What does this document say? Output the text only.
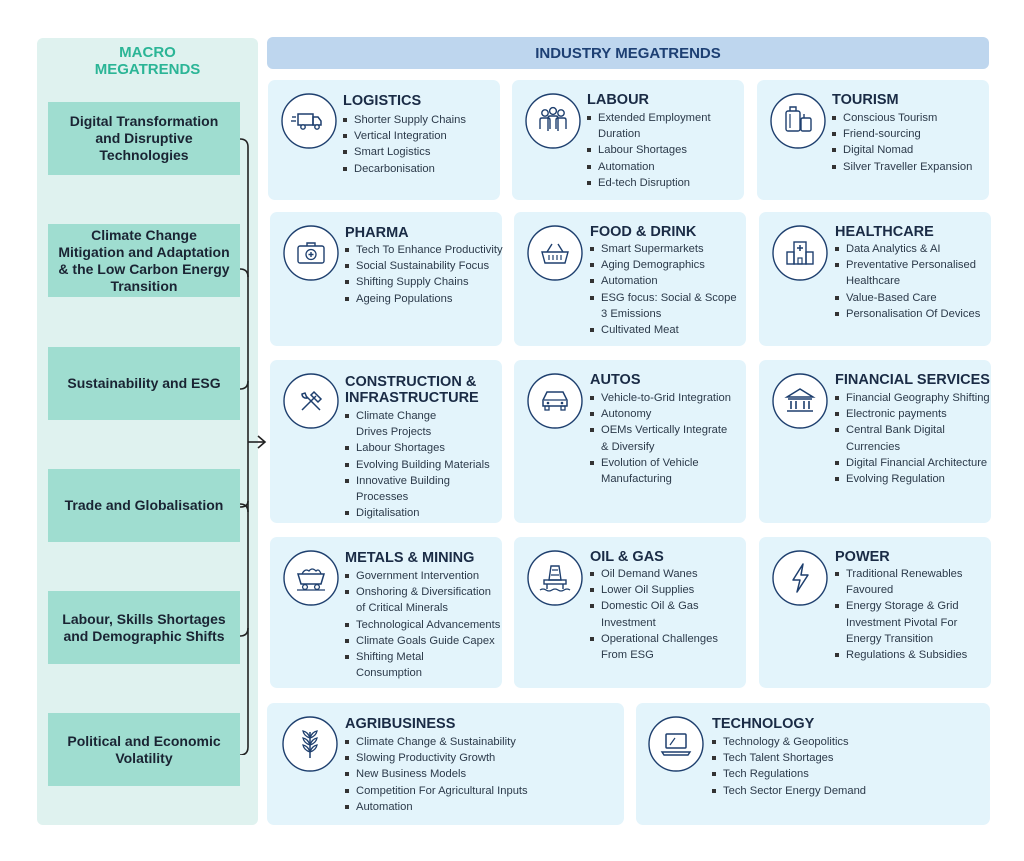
MACRO
MEGATRENDS
Digital Transformation
and Disruptive
Technologies
Climate Change
Mitigation and Adaptation
& the Low Carbon Energy
Transition
Sustainability and ESG
Trade and Globalisation
Labour, Skills Shortages
and Demographic Shifts
Political and Economic
Volatility
INDUSTRY MEGATRENDS
LOGISTICS
Shorter Supply Chains
Vertical Integration
Smart Logistics
Decarbonisation
LABOUR
Extended Employment
Duration
Labour Shortages
Automation
Ed-tech Disruption
TOURISM
Conscious Tourism
Friend-sourcing
Digital Nomad
Silver Traveller Expansion
PHARMA
Tech To Enhance Productivity
Social Sustainability Focus
Shifting Supply Chains
Ageing Populations
FOOD & DRINK
Smart Supermarkets
Aging Demographics
Automation
ESG focus: Social & Scope
3 Emissions
Cultivated Meat
HEALTHCARE
Data Analytics & AI
Preventative Personalised
Healthcare
Value-Based Care
Personalisation Of Devices
CONSTRUCTION &
INFRASTRUCTURE
Climate Change
Drives Projects
Labour Shortages
Evolving Building Materials
Innovative Building
Processes
Digitalisation
AUTOS
Vehicle-to-Grid Integration
Autonomy
OEMs Vertically Integrate
& Diversify
Evolution of Vehicle
Manufacturing
FINANCIAL SERVICES
Financial Geography Shifting
Electronic payments
Central Bank Digital
Currencies
Digital Financial Architecture
Evolving Regulation
METALS & MINING
Government Intervention
Onshoring & Diversification
of Critical Minerals
Technological Advancements
Climate Goals Guide Capex
Shifting Metal
Consumption
OIL & GAS
Oil Demand Wanes
Lower Oil Supplies
Domestic Oil & Gas
Investment
Operational Challenges
From ESG
POWER
Traditional Renewables
Favoured
Energy Storage & Grid
Investment Pivotal For
Energy Transition
Regulations & Subsidies
AGRIBUSINESS
Climate Change & Sustainability
Slowing Productivity Growth
New Business Models
Competition For Agricultural Inputs
Automation
TECHNOLOGY
Technology & Geopolitics
Tech Talent Shortages
Tech Regulations
Tech Sector Energy Demand
